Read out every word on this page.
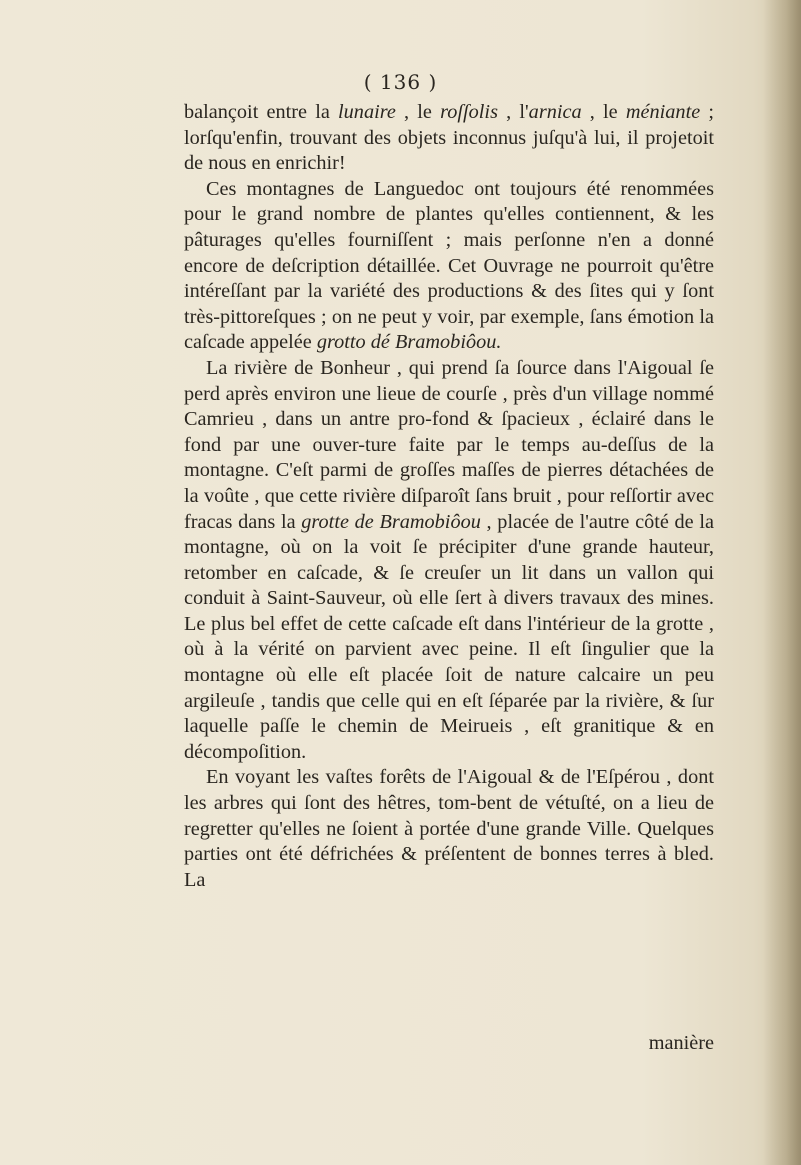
( 136 )

balançoit entre la lunaire , le roſſolis , l'arnica , le méniante ; lorſqu'enfin, trouvant des objets inconnus juſqu'à lui, il projetoit de nous en enrichir!

Ces montagnes de Languedoc ont toujours été renommées pour le grand nombre de plantes qu'elles contiennent, & les pâturages qu'elles fourniſſent ; mais perſonne n'en a donné encore de deſcription détaillée. Cet Ouvrage ne pourroit qu'être intéreſſant par la variété des productions & des ſites qui y ſont très-pittoreſques ; on ne peut y voir, par exemple, ſans émotion la caſcade appelée grotto dé Bramobiôou.

La rivière de Bonheur , qui prend ſa ſource dans l'Aigoual ſe perd après environ une lieue de courſe , près d'un village nommé Camrieu , dans un antre pro-fond & ſpacieux , éclairé dans le fond par une ouver-ture faite par le temps au-deſſus de la montagne. C'eſt parmi de groſſes maſſes de pierres détachées de la voûte , que cette rivière diſparoît ſans bruit , pour reſſortir avec fracas dans la grotte de Bramobiôou , placée de l'autre côté de la montagne, où on la voit ſe précipiter d'une grande hauteur, retomber en caſcade, & ſe creuſer un lit dans un vallon qui conduit à Saint-Sauveur, où elle ſert à divers travaux des mines. Le plus bel effet de cette caſcade eſt dans l'intérieur de la grotte , où à la vérité on parvient avec peine. Il eſt ſingulier que la montagne où elle eſt placée ſoit de nature calcaire un peu argileuſe , tandis que celle qui en eſt ſéparée par la rivière, & ſur laquelle paſſe le chemin de Meirueis , eſt granitique & en décompoſition.

En voyant les vaſtes forêts de l'Aigoual & de l'Eſpérou , dont les arbres qui ſont des hêtres, tom-bent de vétuſté, on a lieu de regretter qu'elles ne ſoient à portée d'une grande Ville. Quelques parties ont été défrichées & préſentent de bonnes terres à bled. La

manière
